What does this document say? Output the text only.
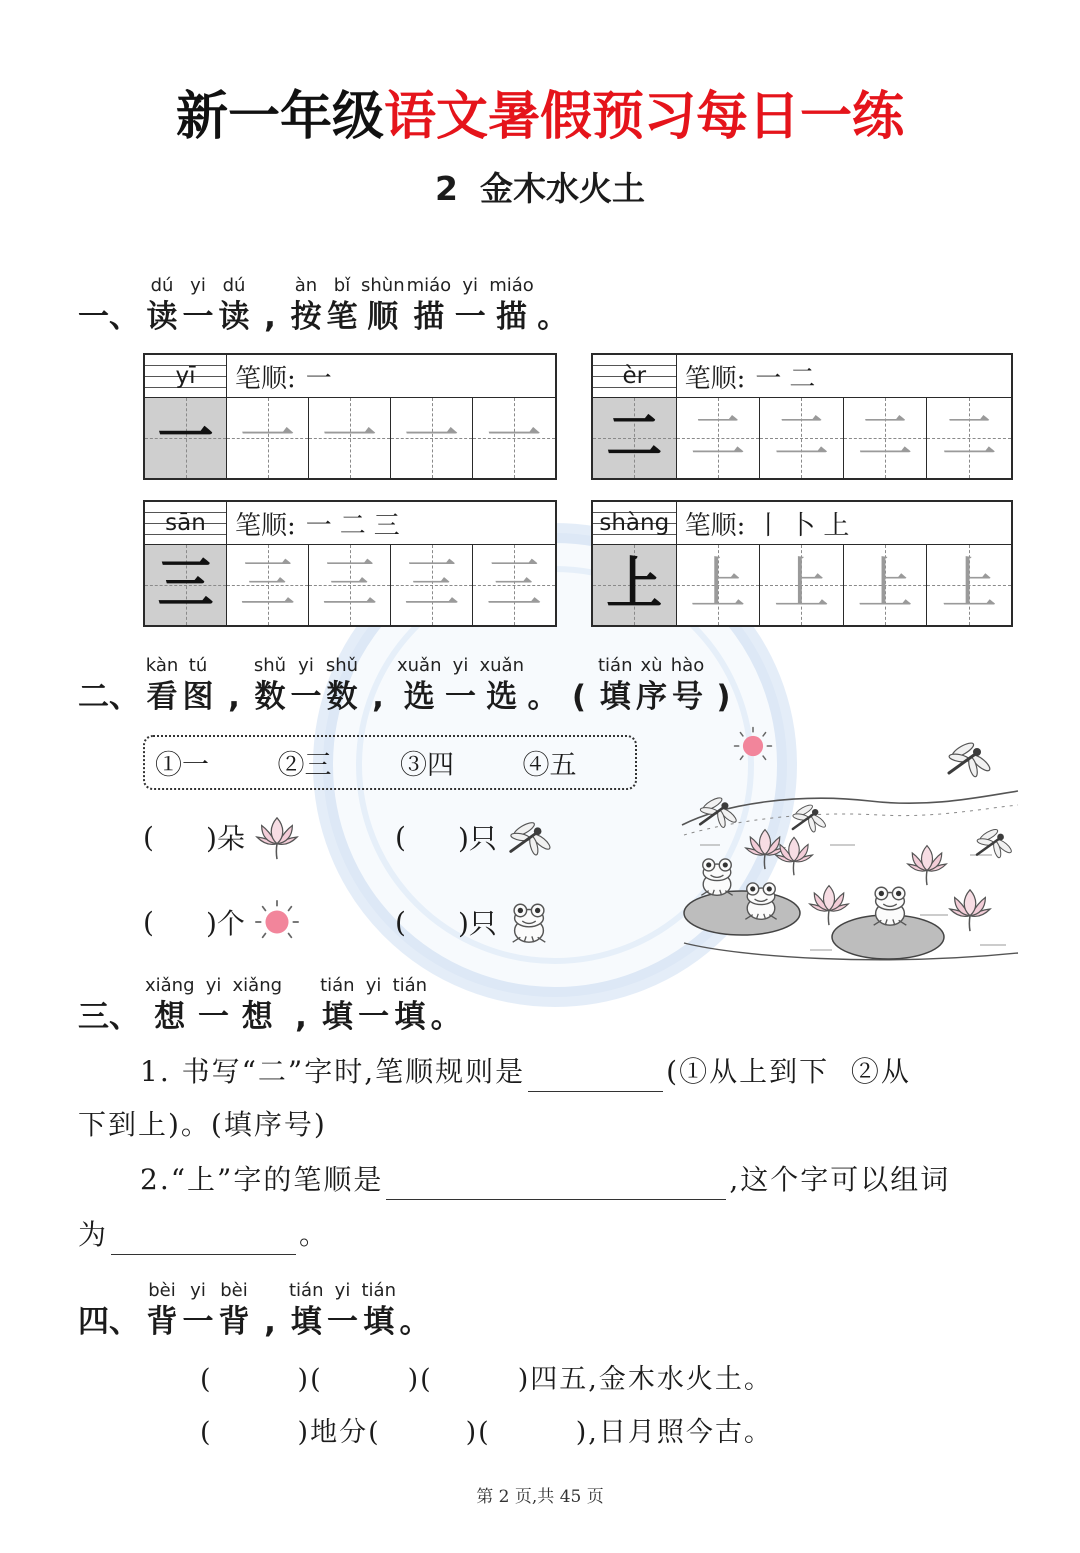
新一年级语文暑假预习每日一练
2 金木水火土
一、
dú
读
yi
一
dú
读 ,
àn
按
bǐ
笔
shùn
顺
miáo
描
yi
一
miáo
描 。
yī	笔顺: 一
一 一 一 一 一
èr	笔顺: 一 二
二 二 二 二 二
sān	笔顺: 一 二 三
三 三 三 三 三
shàng 笔顺: 丨 卜 上
上 上 上 上 上
二、
kàn
看
tú
图 ,
shǔ
数
yi
一
shǔ
数 ,
xuǎn
选
yi
一
xuǎn
选 。 (
tián
填
xù
序
hào
号 )
①一	②三	③四	④五
( )朵	( )只
( )个	( )只
三、
xiǎng
想
yi
一
xiǎng
想 ,
tián
填
yi
一
tián
填 。
1. 书写“二”字时,笔顺规则是	(①从上到下  ②从
下到上)。(填序号)
2.“上”字的笔顺是	,这个字可以组词
为	。
四、
bèi
背
yi
一
bèi
背 ,
tián
填
yi
一
tián
填 。
(	)(	)(	)四五,金木水火土。
(	)地分(	)(	),日月照今古。
第 2 页,共 45 页
